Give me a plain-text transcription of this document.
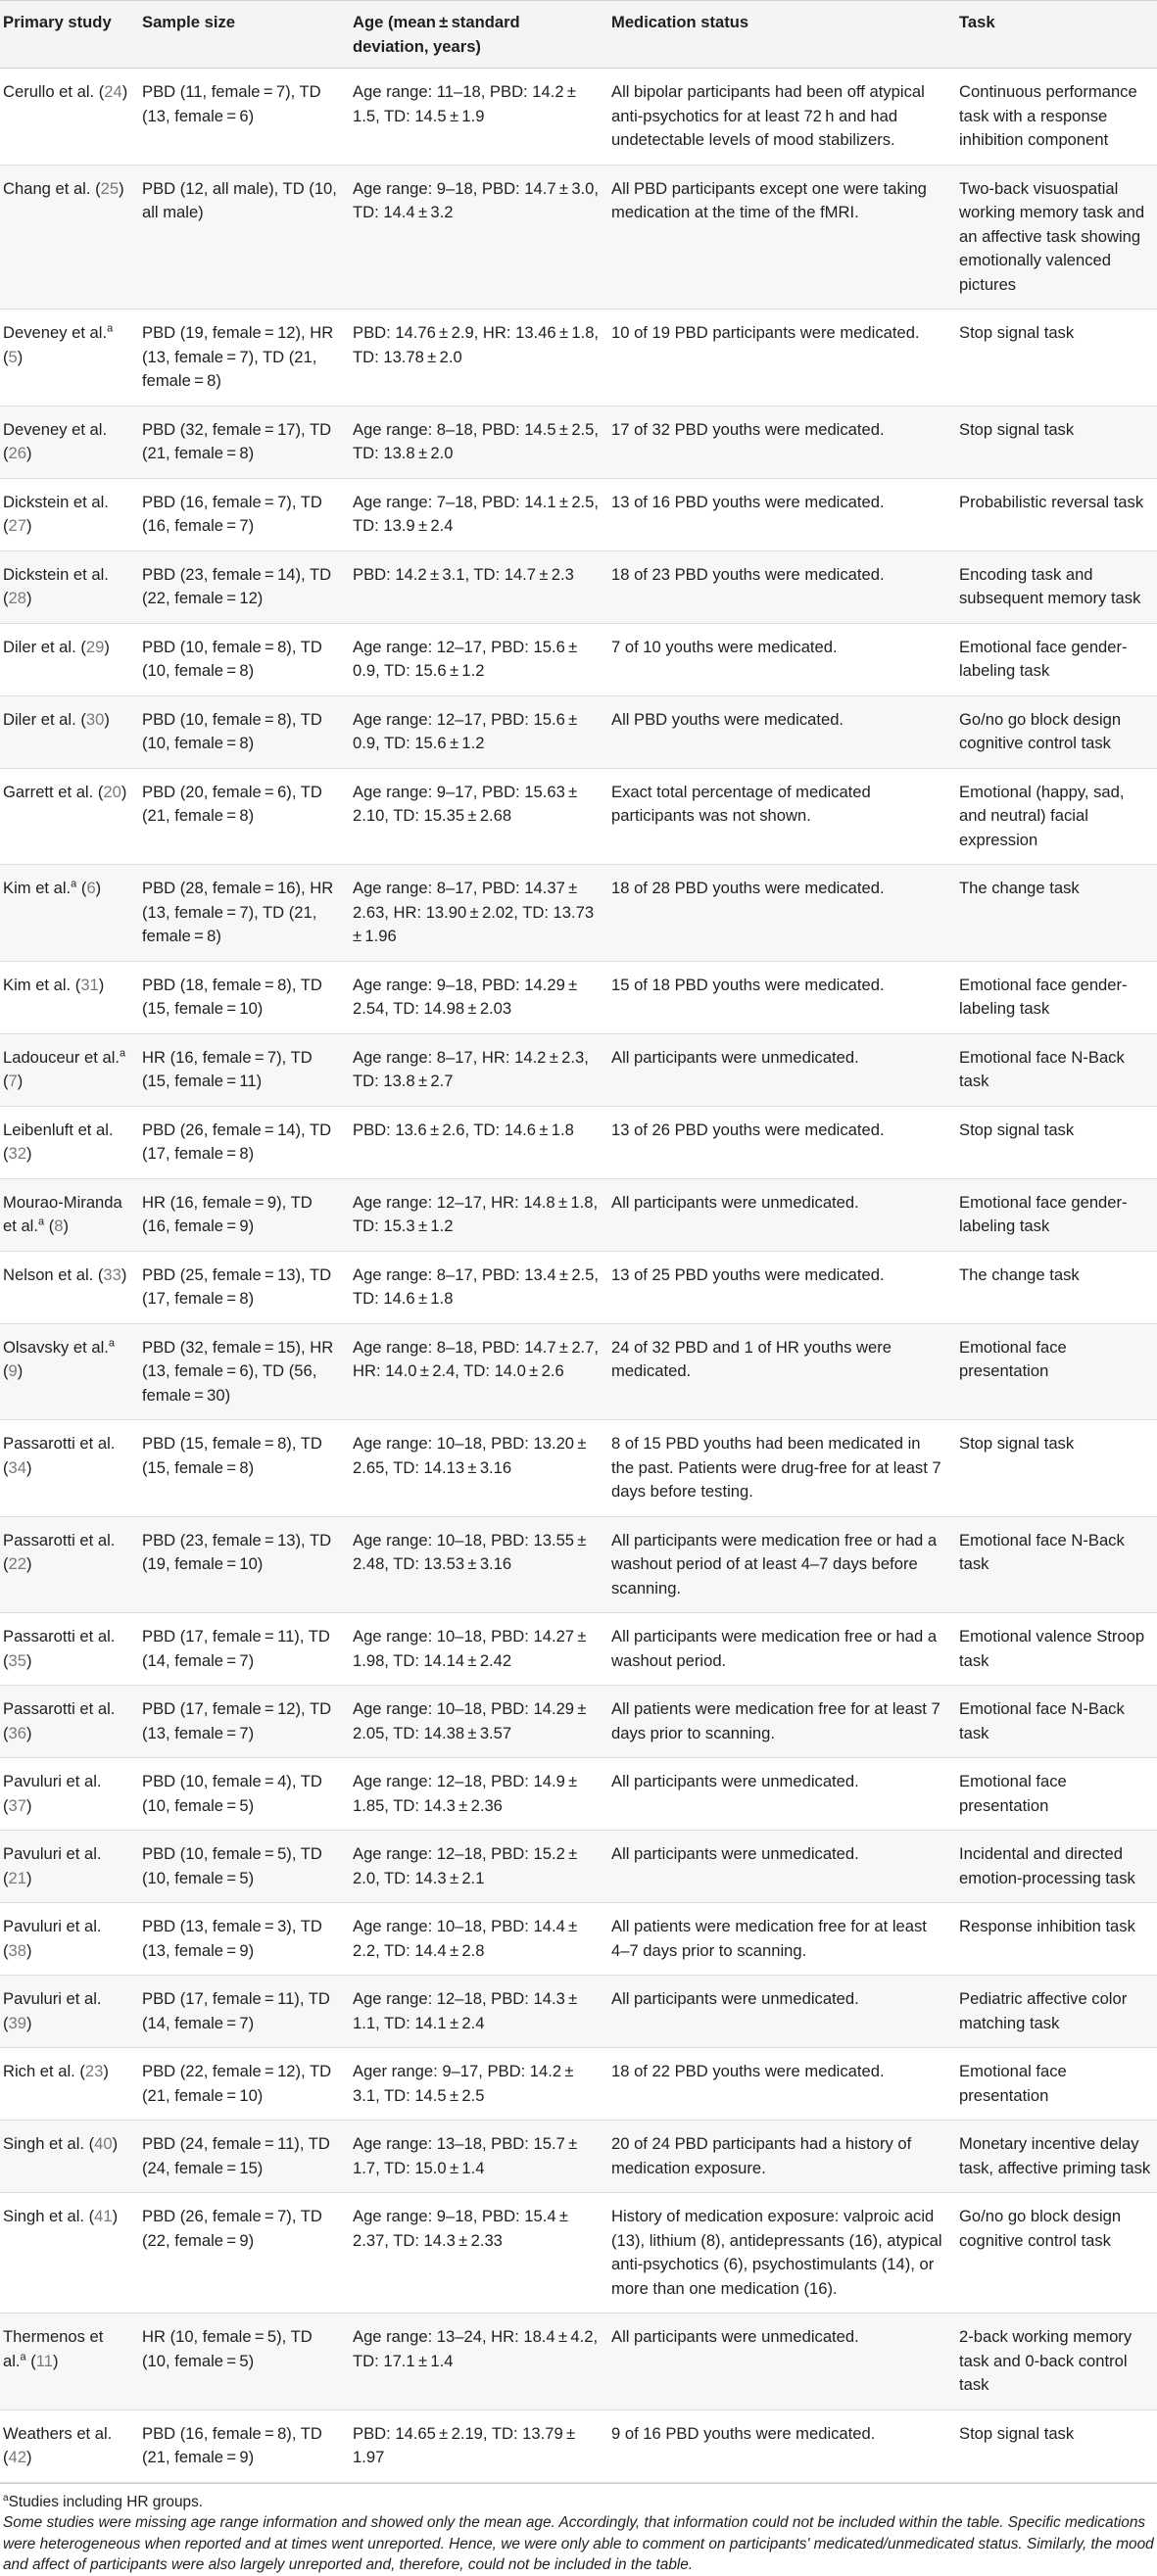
Primary study	Sample size	Age (mean ± standard deviation, years)	Medication status	Task
Cerullo et al. (24)	PBD (11, female = 7), TD (13, female = 6)	Age range: 11–18, PBD: 14.2 ± 1.5, TD: 14.5 ± 1.9	All bipolar participants had been off atypical anti-psychotics for at least 72 h and had undetectable levels of mood stabilizers.	Continuous performance task with a response inhibition component
Chang et al. (25)	PBD (12, all male), TD (10, all male)	Age range: 9–18, PBD: 14.7 ± 3.0, TD: 14.4 ± 3.2	All PBD participants except one were taking medication at the time of the fMRI.	Two-back visuospatial working memory task and an affective task showing emotionally valenced pictures
Deveney et al.$^a$ (5)	PBD (19, female = 12), HR (13, female = 7), TD (21, female = 8)	PBD: 14.76 ± 2.9, HR: 13.46 ± 1.8, TD: 13.78 ± 2.0	10 of 19 PBD participants were medicated.	Stop signal task
Deveney et al. (26)	PBD (32, female = 17), TD (21, female = 8)	Age range: 8–18, PBD: 14.5 ± 2.5, TD: 13.8 ± 2.0	17 of 32 PBD youths were medicated.	Stop signal task
Dickstein et al. (27)	PBD (16, female = 7), TD (16, female = 7)	Age range: 7–18, PBD: 14.1 ± 2.5, TD: 13.9 ± 2.4	13 of 16 PBD youths were medicated.	Probabilistic reversal task
Dickstein et al. (28)	PBD (23, female = 14), TD (22, female = 12)	PBD: 14.2 ± 3.1, TD: 14.7 ± 2.3	18 of 23 PBD youths were medicated.	Encoding task and subsequent memory task
Diler et al. (29)	PBD (10, female = 8), TD (10, female = 8)	Age range: 12–17, PBD: 15.6 ± 0.9, TD: 15.6 ± 1.2	7 of 10 youths were medicated.	Emotional face gender-labeling task
Diler et al. (30)	PBD (10, female = 8), TD (10, female = 8)	Age range: 12–17, PBD: 15.6 ± 0.9, TD: 15.6 ± 1.2	All PBD youths were medicated.	Go/no go block design cognitive control task
Garrett et al. (20)	PBD (20, female = 6), TD (21, female = 8)	Age range: 9–17, PBD: 15.63 ± 2.10, TD: 15.35 ± 2.68	Exact total percentage of medicated participants was not shown.	Emotional (happy, sad, and neutral) facial expression
Kim et al.$^a$ (6)	PBD (28, female = 16), HR (13, female = 7), TD (21, female = 8)	Age range: 8–17, PBD: 14.37 ± 2.63, HR: 13.90 ± 2.02, TD: 13.73 ± 1.96	18 of 28 PBD youths were medicated.	The change task
Kim et al. (31)	PBD (18, female = 8), TD (15, female = 10)	Age range: 9–18, PBD: 14.29 ± 2.54, TD: 14.98 ± 2.03	15 of 18 PBD youths were medicated.	Emotional face gender-labeling task
Ladouceur et al.$^a$ (7)	HR (16, female = 7), TD (15, female = 11)	Age range: 8–17, HR: 14.2 ± 2.3, TD: 13.8 ± 2.7	All participants were unmedicated.	Emotional face N-Back task
Leibenluft et al. (32)	PBD (26, female = 14), TD (17, female = 8)	PBD: 13.6 ± 2.6, TD: 14.6 ± 1.8	13 of 26 PBD youths were medicated.	Stop signal task
Mourao-Miranda et al.$^a$ (8)	HR (16, female = 9), TD (16, female = 9)	Age range: 12–17, HR: 14.8 ± 1.8, TD: 15.3 ± 1.2	All participants were unmedicated.	Emotional face gender-labeling task
Nelson et al. (33)	PBD (25, female = 13), TD (17, female = 8)	Age range: 8–17, PBD: 13.4 ± 2.5, TD: 14.6 ± 1.8	13 of 25 PBD youths were medicated.	The change task
Olsavsky et al.$^a$ (9)	PBD (32, female = 15), HR (13, female = 6), TD (56, female = 30)	Age range: 8–18, PBD: 14.7 ± 2.7, HR: 14.0 ± 2.4, TD: 14.0 ± 2.6	24 of 32 PBD and 1 of HR youths were medicated.	Emotional face presentation
Passarotti et al. (34)	PBD (15, female = 8), TD (15, female = 8)	Age range: 10–18, PBD: 13.20 ± 2.65, TD: 14.13 ± 3.16	8 of 15 PBD youths had been medicated in the past. Patients were drug-free for at least 7 days before testing.	Stop signal task
Passarotti et al. (22)	PBD (23, female = 13), TD (19, female = 10)	Age range: 10–18, PBD: 13.55 ± 2.48, TD: 13.53 ± 3.16	All participants were medication free or had a washout period of at least 4–7 days before scanning.	Emotional face N-Back task
Passarotti et al. (35)	PBD (17, female = 11), TD (14, female = 7)	Age range: 10–18, PBD: 14.27 ± 1.98, TD: 14.14 ± 2.42	All participants were medication free or had a washout period.	Emotional valence Stroop task
Passarotti et al. (36)	PBD (17, female = 12), TD (13, female = 7)	Age range: 10–18, PBD: 14.29 ± 2.05, TD: 14.38 ± 3.57	All patients were medication free for at least 7 days prior to scanning.	Emotional face N-Back task
Pavuluri et al. (37)	PBD (10, female = 4), TD (10, female = 5)	Age range: 12–18, PBD: 14.9 ± 1.85, TD: 14.3 ± 2.36	All participants were unmedicated.	Emotional face presentation
Pavuluri et al. (21)	PBD (10, female = 5), TD (10, female = 5)	Age range: 12–18, PBD: 15.2 ± 2.0, TD: 14.3 ± 2.1	All participants were unmedicated.	Incidental and directed emotion-processing task
Pavuluri et al. (38)	PBD (13, female = 3), TD (13, female = 9)	Age range: 10–18, PBD: 14.4 ± 2.2, TD: 14.4 ± 2.8	All patients were medication free for at least 4–7 days prior to scanning.	Response inhibition task
Pavuluri et al. (39)	PBD (17, female = 11), TD (14, female = 7)	Age range: 12–18, PBD: 14.3 ± 1.1, TD: 14.1 ± 2.4	All participants were unmedicated.	Pediatric affective color matching task
Rich et al. (23)	PBD (22, female = 12), TD (21, female = 10)	Ager range: 9–17, PBD: 14.2 ± 3.1, TD: 14.5 ± 2.5	18 of 22 PBD youths were medicated.	Emotional face presentation
Singh et al. (40)	PBD (24, female = 11), TD (24, female = 15)	Age range: 13–18, PBD: 15.7 ± 1.7, TD: 15.0 ± 1.4	20 of 24 PBD participants had a history of medication exposure.	Monetary incentive delay task, affective priming task
Singh et al. (41)	PBD (26, female = 7), TD (22, female = 9)	Age range: 9–18, PBD: 15.4 ± 2.37, TD: 14.3 ± 2.33	History of medication exposure: valproic acid (13), lithium (8), antidepressants (16), atypical anti-psychotics (6), psychostimulants (14), or more than one medication (16).	Go/no go block design cognitive control task
Thermenos et al.$^a$ (11)	HR (10, female = 5), TD (10, female = 5)	Age range: 13–24, HR: 18.4 ± 4.2, TD: 17.1 ± 1.4	All participants were unmedicated.	2-back working memory task and 0-back control task
Weathers et al. (42)	PBD (16, female = 8), TD (21, female = 9)	PBD: 14.65 ± 2.19, TD: 13.79 ± 1.97	9 of 16 PBD youths were medicated.	Stop signal task

$^a$Studies including HR groups.

Some studies were missing age range information and showed only the mean age. Accordingly, that information could not be included within the table. Specific medications were heterogeneous when reported and at times went unreported. Hence, we were only able to comment on participants' medicated/unmedicated status. Similarly, the mood and affect of participants were also largely unreported and, therefore, could not be included in the table.
